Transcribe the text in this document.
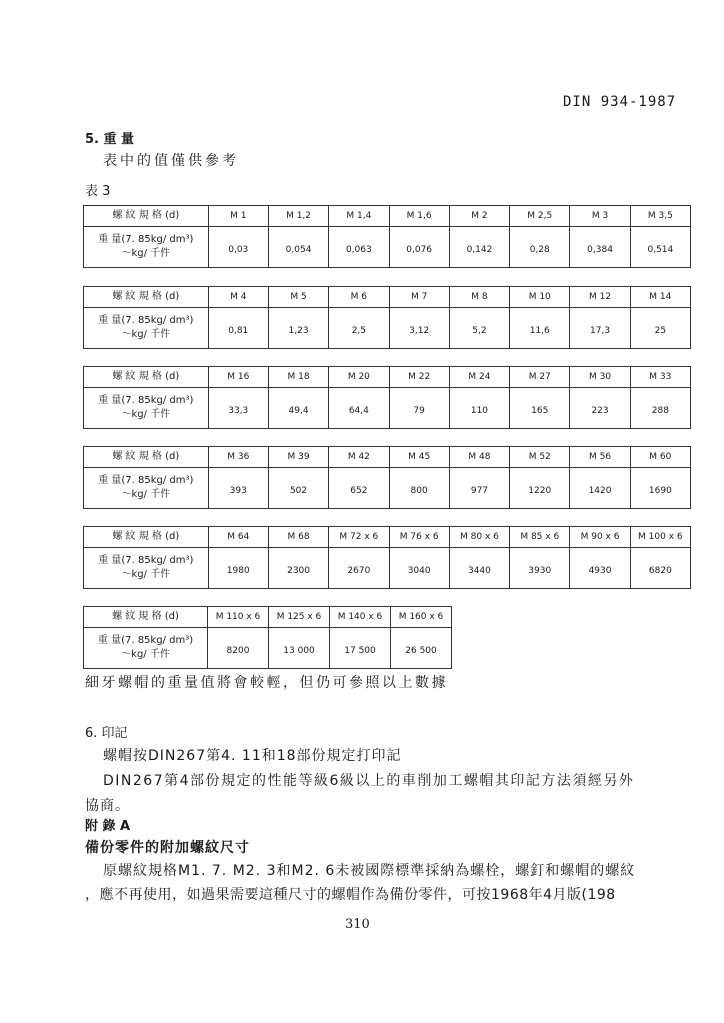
DIN 934-1987
5. 重 量
表中的值僅供參考
表 3
螺 紋 規 格 (d)	M 1	M 1,2	M 1,4	M 1,6	M 2	M 2,5	M 3	M 3,5
重 量(7. 85kg/ dm³)
～kg/ 千件	0,03	0,054	0,063	0,076	0,142	0,28	0,384	0,514
螺 紋 規 格 (d)	M 4	M 5	M 6	M 7	M 8	M 10	M 12	M 14
重 量(7. 85kg/ dm³)
～kg/ 千件	0,81	1,23	2,5	3,12	5,2	11,6	17,3	25
螺 紋 規 格 (d)	M 16	M 18	M 20	M 22	M 24	M 27	M 30	M 33
重 量(7. 85kg/ dm³)
～kg/ 千件	33,3	49,4	64,4	79	110	165	223	288
螺 紋 規 格 (d)	M 36	M 39	M 42	M 45	M 48	M 52	M 56	M 60
重 量(7. 85kg/ dm³)
～kg/ 千件	393	502	652	800	977	1220	1420	1690
螺 紋 規 格 (d)	M 64	M 68	M 72 x 6	M 76 x 6	M 80 x 6	M 85 x 6	M 90 x 6	M 100 x 6
重 量(7. 85kg/ dm³)
～kg/ 千件	1980	2300	2670	3040	3440	3930	4930	6820
螺 紋 規 格 (d)	M 110 x 6	M 125 x 6	M 140 x 6	M 160 x 6
重 量(7. 85kg/ dm³)
～kg/ 千件	8200	13 000	17 500	26 500
細牙螺帽的重量值將會較輕，但仍可參照以上數據
6. 印記
螺帽按DIN267第4. 11和18部份規定打印記
DIN267第4部份規定的性能等級6級以上的車削加工螺帽其印記方法須經另外
協商。
附 錄 A
備份零件的附加螺紋尺寸
原螺紋規格M1. 7. M2. 3和M2. 6未被國際標準採納為螺栓，螺釘和螺帽的螺紋
，應不再使用，如過果需要這種尺寸的螺帽作為備份零件，可按1968年4月版(198
310
